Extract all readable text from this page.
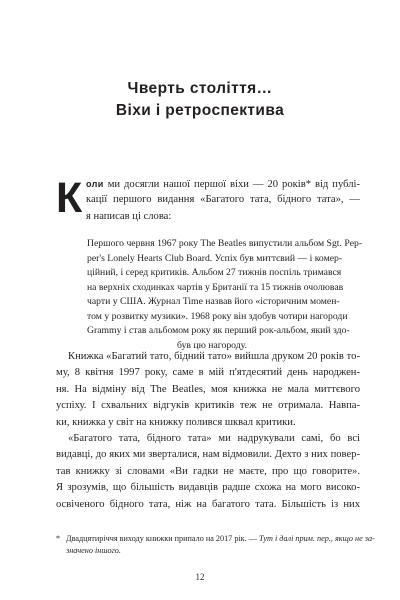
Чверть століття…
Віхи і ретроспектива
К оли ми досягли нашої першої віхи — 20 років* від публі-
кації першого видання «Багатого тата, бідного тата», —
я написав ці слова:
Першого червня 1967 року The Beatles випустили альбом Sgt. Pep-
per's Lonely Hearts Club Board. Успіх був миттєвий — і комер-
ційний, і серед критиків. Альбом 27 тижнів поспіль тримався
на верхніх сходинках чартів у Британії та 15 тижнів очолював
чарти у США. Журнал Time назвав його «історичним момен-
том у розвитку музики». 1968 року він здобув чотири нагороди
Grammy і став альбомом року як перший рок-альбом, який здо-
був цю нагороду.
Книжка «Багатий тато, бідний тато» вийшла друком 20 років то-
му, 8 квітня 1997 року, саме в мій п'ятдесятий день народжен-
ня. На відміну від The Beatles, моя книжка не мала миттєвого
успіху. І схвальних відгуків критиків теж не отримала. Навпа-
ки, книжка у світ на книжку полився шквал критики.
«Багатого тата, бідного тата» ми надрукували самі, бо всі
видавці, до яких ми зверталися, нам відмовили. Дехто з них повер-
тав книжку зі словами «Ви гадки не маєте, про що говорите».
Я зрозумів, що більшість видавців радше схожа на мого високо-
освіченого бідного тата, ніж на багатого тата. Більшість із них
* Двадцятиріччя виходу книжки припало на 2017 рік. — Тут і далі прим. пер., якщо не за-
значено іншого.
12
